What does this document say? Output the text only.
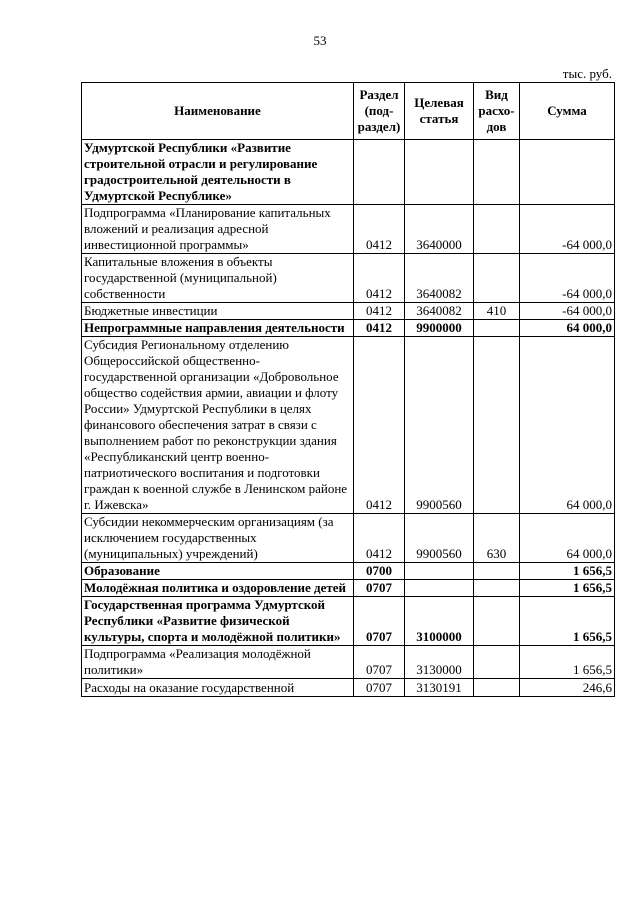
53
тыс. руб.
Наименование	Раздел (под-раздел)	Целевая статья	Вид расхо-дов	Сумма
Удмуртской Республики «Развитие строительной отрасли и регулирование градостроительной деятельности в Удмуртской Республике»				
Подпрограмма «Планирование капитальных вложений и реализация адресной инвестиционной программы»	0412	3640000		-64 000,0
Капитальные вложения в объекты государственной (муниципальной) собственности	0412	3640082		-64 000,0
Бюджетные инвестиции	0412	3640082	410	-64 000,0
Непрограммные направления деятельности	0412	9900000		64 000,0
Субсидия Региональному отделению Общероссийской общественно-государственной организации «Добровольное общество содействия армии, авиации и флоту России» Удмуртской Республики в целях финансового обеспечения затрат в связи с выполнением работ по реконструкции здания «Республиканский центр военно-патриотического воспитания и подготовки граждан к военной службе в Ленинском районе г. Ижевска»	0412	9900560		64 000,0
Субсидии некоммерческим организациям (за исключением государственных (муниципальных) учреждений)	0412	9900560	630	64 000,0
Образование	0700			1 656,5
Молодёжная политика и оздоровление детей	0707			1 656,5
Государственная программа Удмуртской Республики «Развитие физической культуры, спорта и молодёжной политики»	0707	3100000		1 656,5
Подпрограмма «Реализация молодёжной политики»	0707	3130000		1 656,5
Расходы на оказание государственной	0707	3130191		246,6
